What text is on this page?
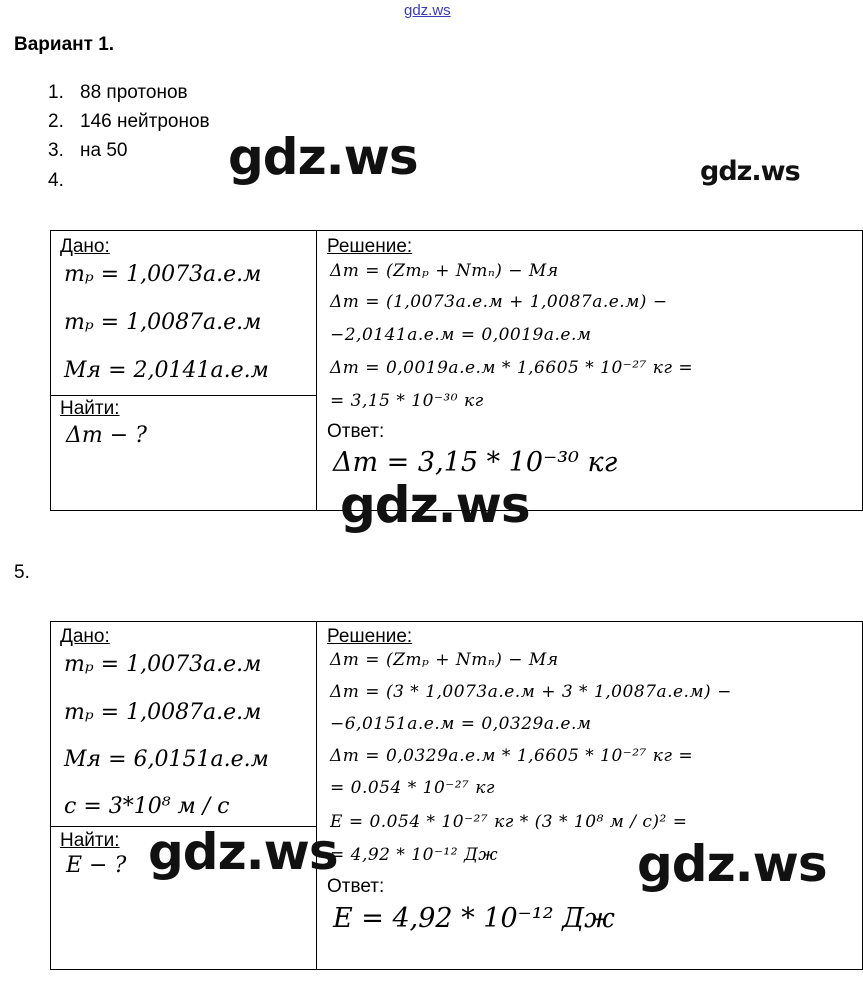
gdz.ws
Вариант 1.
1. 88 протонов
2. 146 нейтронов
3. на 50
4.	gdz.ws	gdz.ws
Дано:
mₚ = 1,0073а.е.м
mₚ = 1,0087а.е.м
Mя = 2,0141а.е.м
Найти:
Δm − ?
Решение:
Δm = (Zmₚ + Nmₙ) − Mя
Δm = (1,0073а.е.м + 1,0087а.е.м) −
−2,0141а.е.м = 0,0019а.е.м
Δm = 0,0019а.е.м * 1,6605 * 10⁻²⁷ кг =
= 3,15 * 10⁻³⁰ кг
Ответ:
Δm = 3,15 * 10⁻³⁰ кг
gdz.ws
5.
Дано:
mₚ = 1,0073а.е.м
mₚ = 1,0087а.е.м
Mя = 6,0151а.е.м
c = 3*10⁸ м / с
Найти:
E − ?
Решение:
Δm = (Zmₚ + Nmₙ) − Mя
Δm = (3 * 1,0073а.е.м + 3 * 1,0087а.е.м) −
−6,0151а.е.м = 0,0329а.е.м
Δm = 0,0329а.е.м * 1,6605 * 10⁻²⁷ кг =
= 0.054 * 10⁻²⁷ кг
E = 0.054 * 10⁻²⁷ кг * (3 * 10⁸ м / с)² =
= 4,92 * 10⁻¹² Дж
Ответ:
E = 4,92 * 10⁻¹² Дж
gdz.ws	gdz.ws
